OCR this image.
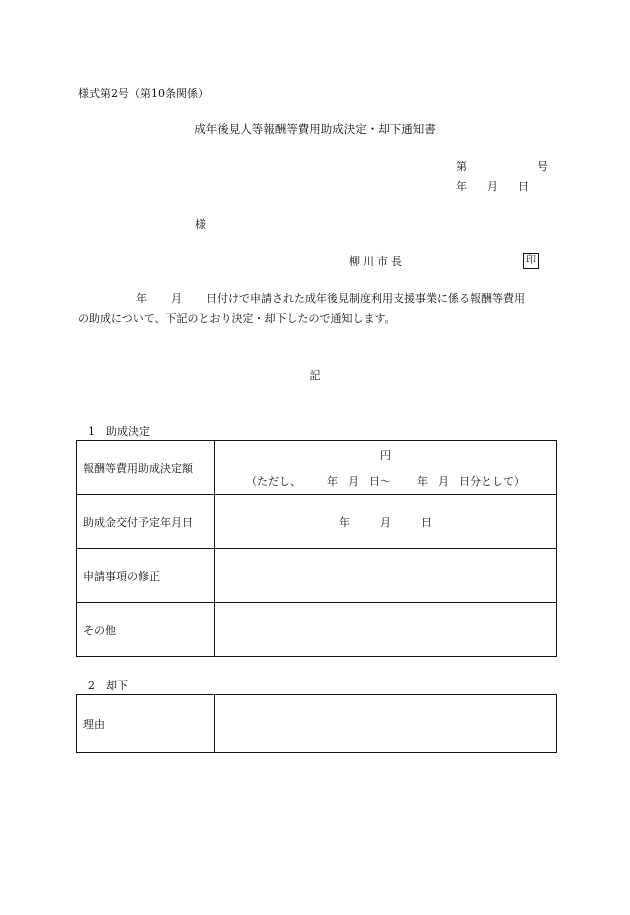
様式第2号（第10条関係）
成年後見人等報酬等費用助成決定・却下通知書
第	号
年 月 日
様
柳川市長	印
年 月 日付けで申請された成年後見制度利用支援事業に係る報酬等費用
の助成について、下記のとおり決定・却下したので通知します。
記
1 助成決定
報酬等費用助成決定額	円
（ただし、 年 月 日～ 年 月 日分として）

助成金交付予定年月日	年 月 日
申請事項の修正	
その他	
2 却下
理由	
